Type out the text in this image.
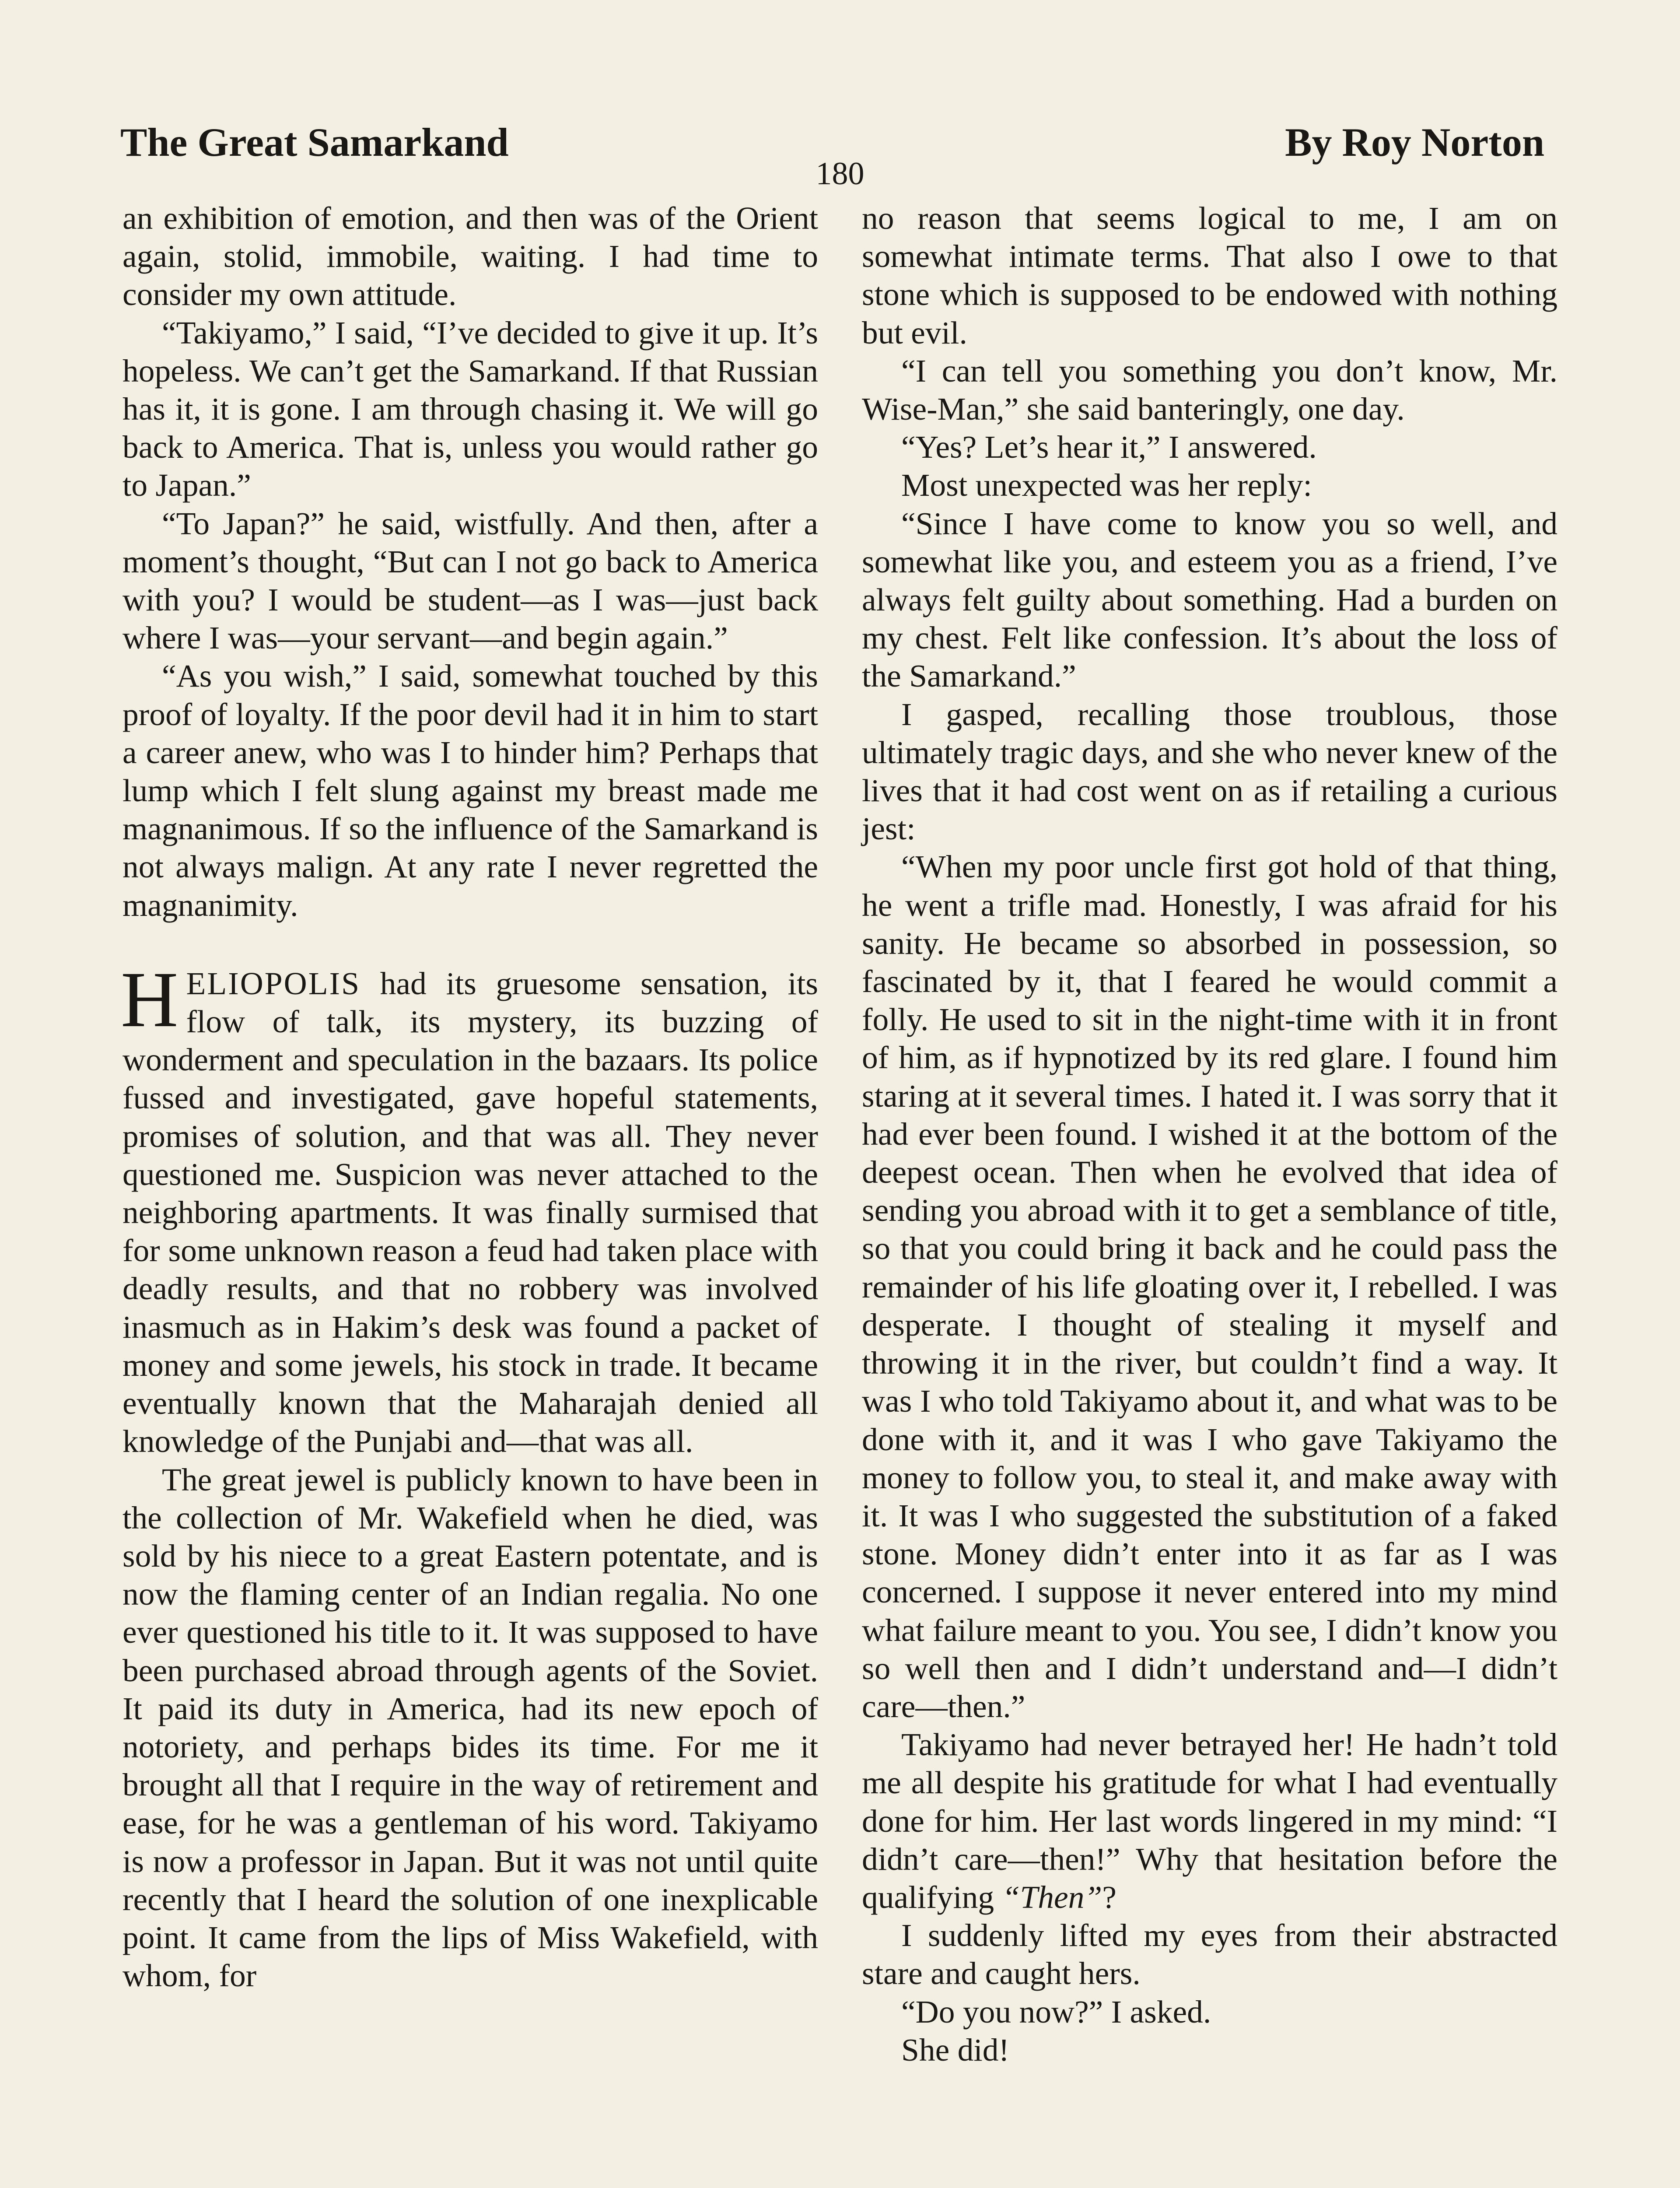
The Great Samarkand	By Roy Norton
180

an exhibition of emotion, and then was of the Orient again, stolid, immobile, waiting. I had time to consider my own attitude.

“Takiyamo,” I said, “I’ve decided to give it up. It’s hopeless. We can’t get the Samarkand. If that Russian has it, it is gone. I am through chasing it. We will go back to America. That is, unless you would rather go to Japan.”

“To Japan?” he said, wistfully. And then, after a moment’s thought, “But can I not go back to America with you? I would be student—as I was—just back where I was—your servant—and begin again.”

“As you wish,” I said, somewhat touched by this proof of loyalty. If the poor devil had it in him to start a career anew, who was I to hinder him? Perhaps that lump which I felt slung against my breast made me magnanimous. If so the influence of the Samarkand is not always malign. At any rate I never regretted the magnanimity.

HELIOPOLIS had its gruesome sensation, its flow of talk, its mystery, its buzzing of wonderment and speculation in the bazaars. Its police fussed and investigated, gave hopeful statements, promises of solution, and that was all. They never questioned me. Suspicion was never attached to the neighboring apartments. It was finally surmised that for some unknown reason a feud had taken place with deadly results, and that no robbery was involved inasmuch as in Hakim’s desk was found a packet of money and some jewels, his stock in trade. It became eventually known that the Maharajah denied all knowledge of the Punjabi and—that was all.

The great jewel is publicly known to have been in the collection of Mr. Wakefield when he died, was sold by his niece to a great Eastern potentate, and is now the flaming center of an Indian regalia. No one ever questioned his title to it. It was supposed to have been purchased abroad through agents of the Soviet. It paid its duty in America, had its new epoch of notoriety, and perhaps bides its time. For me it brought all that I require in the way of retirement and ease, for he was a gentleman of his word. Takiyamo is now a professor in Japan. But it was not until quite recently that I heard the solution of one inexplicable point. It came from the lips of Miss Wakefield, with whom, for

no reason that seems logical to me, I am on somewhat intimate terms. That also I owe to that stone which is supposed to be endowed with nothing but evil.

“I can tell you something you don’t know, Mr. Wise-Man,” she said banteringly, one day.

“Yes? Let’s hear it,” I answered.

Most unexpected was her reply:

“Since I have come to know you so well, and somewhat like you, and esteem you as a friend, I’ve always felt guilty about something. Had a burden on my chest. Felt like confession. It’s about the loss of the Samarkand.”

I gasped, recalling those troublous, those ultimately tragic days, and she who never knew of the lives that it had cost went on as if retailing a curious jest:

“When my poor uncle first got hold of that thing, he went a trifle mad. Honestly, I was afraid for his sanity. He became so absorbed in possession, so fascinated by it, that I feared he would commit a folly. He used to sit in the night-time with it in front of him, as if hypnotized by its red glare. I found him staring at it several times. I hated it. I was sorry that it had ever been found. I wished it at the bottom of the deepest ocean. Then when he evolved that idea of sending you abroad with it to get a semblance of title, so that you could bring it back and he could pass the remainder of his life gloating over it, I rebelled. I was desperate. I thought of stealing it myself and throwing it in the river, but couldn’t find a way. It was I who told Takiyamo about it, and what was to be done with it, and it was I who gave Takiyamo the money to follow you, to steal it, and make away with it. It was I who suggested the substitution of a faked stone. Money didn’t enter into it as far as I was concerned. I suppose it never entered into my mind what failure meant to you. You see, I didn’t know you so well then and I didn’t understand and—I didn’t care—then.”

Takiyamo had never betrayed her! He hadn’t told me all despite his gratitude for what I had eventually done for him. Her last words lingered in my mind: “I didn’t care—then!” Why that hesitation before the qualifying “Then”?

I suddenly lifted my eyes from their abstracted stare and caught hers.

“Do you now?” I asked.

She did!
